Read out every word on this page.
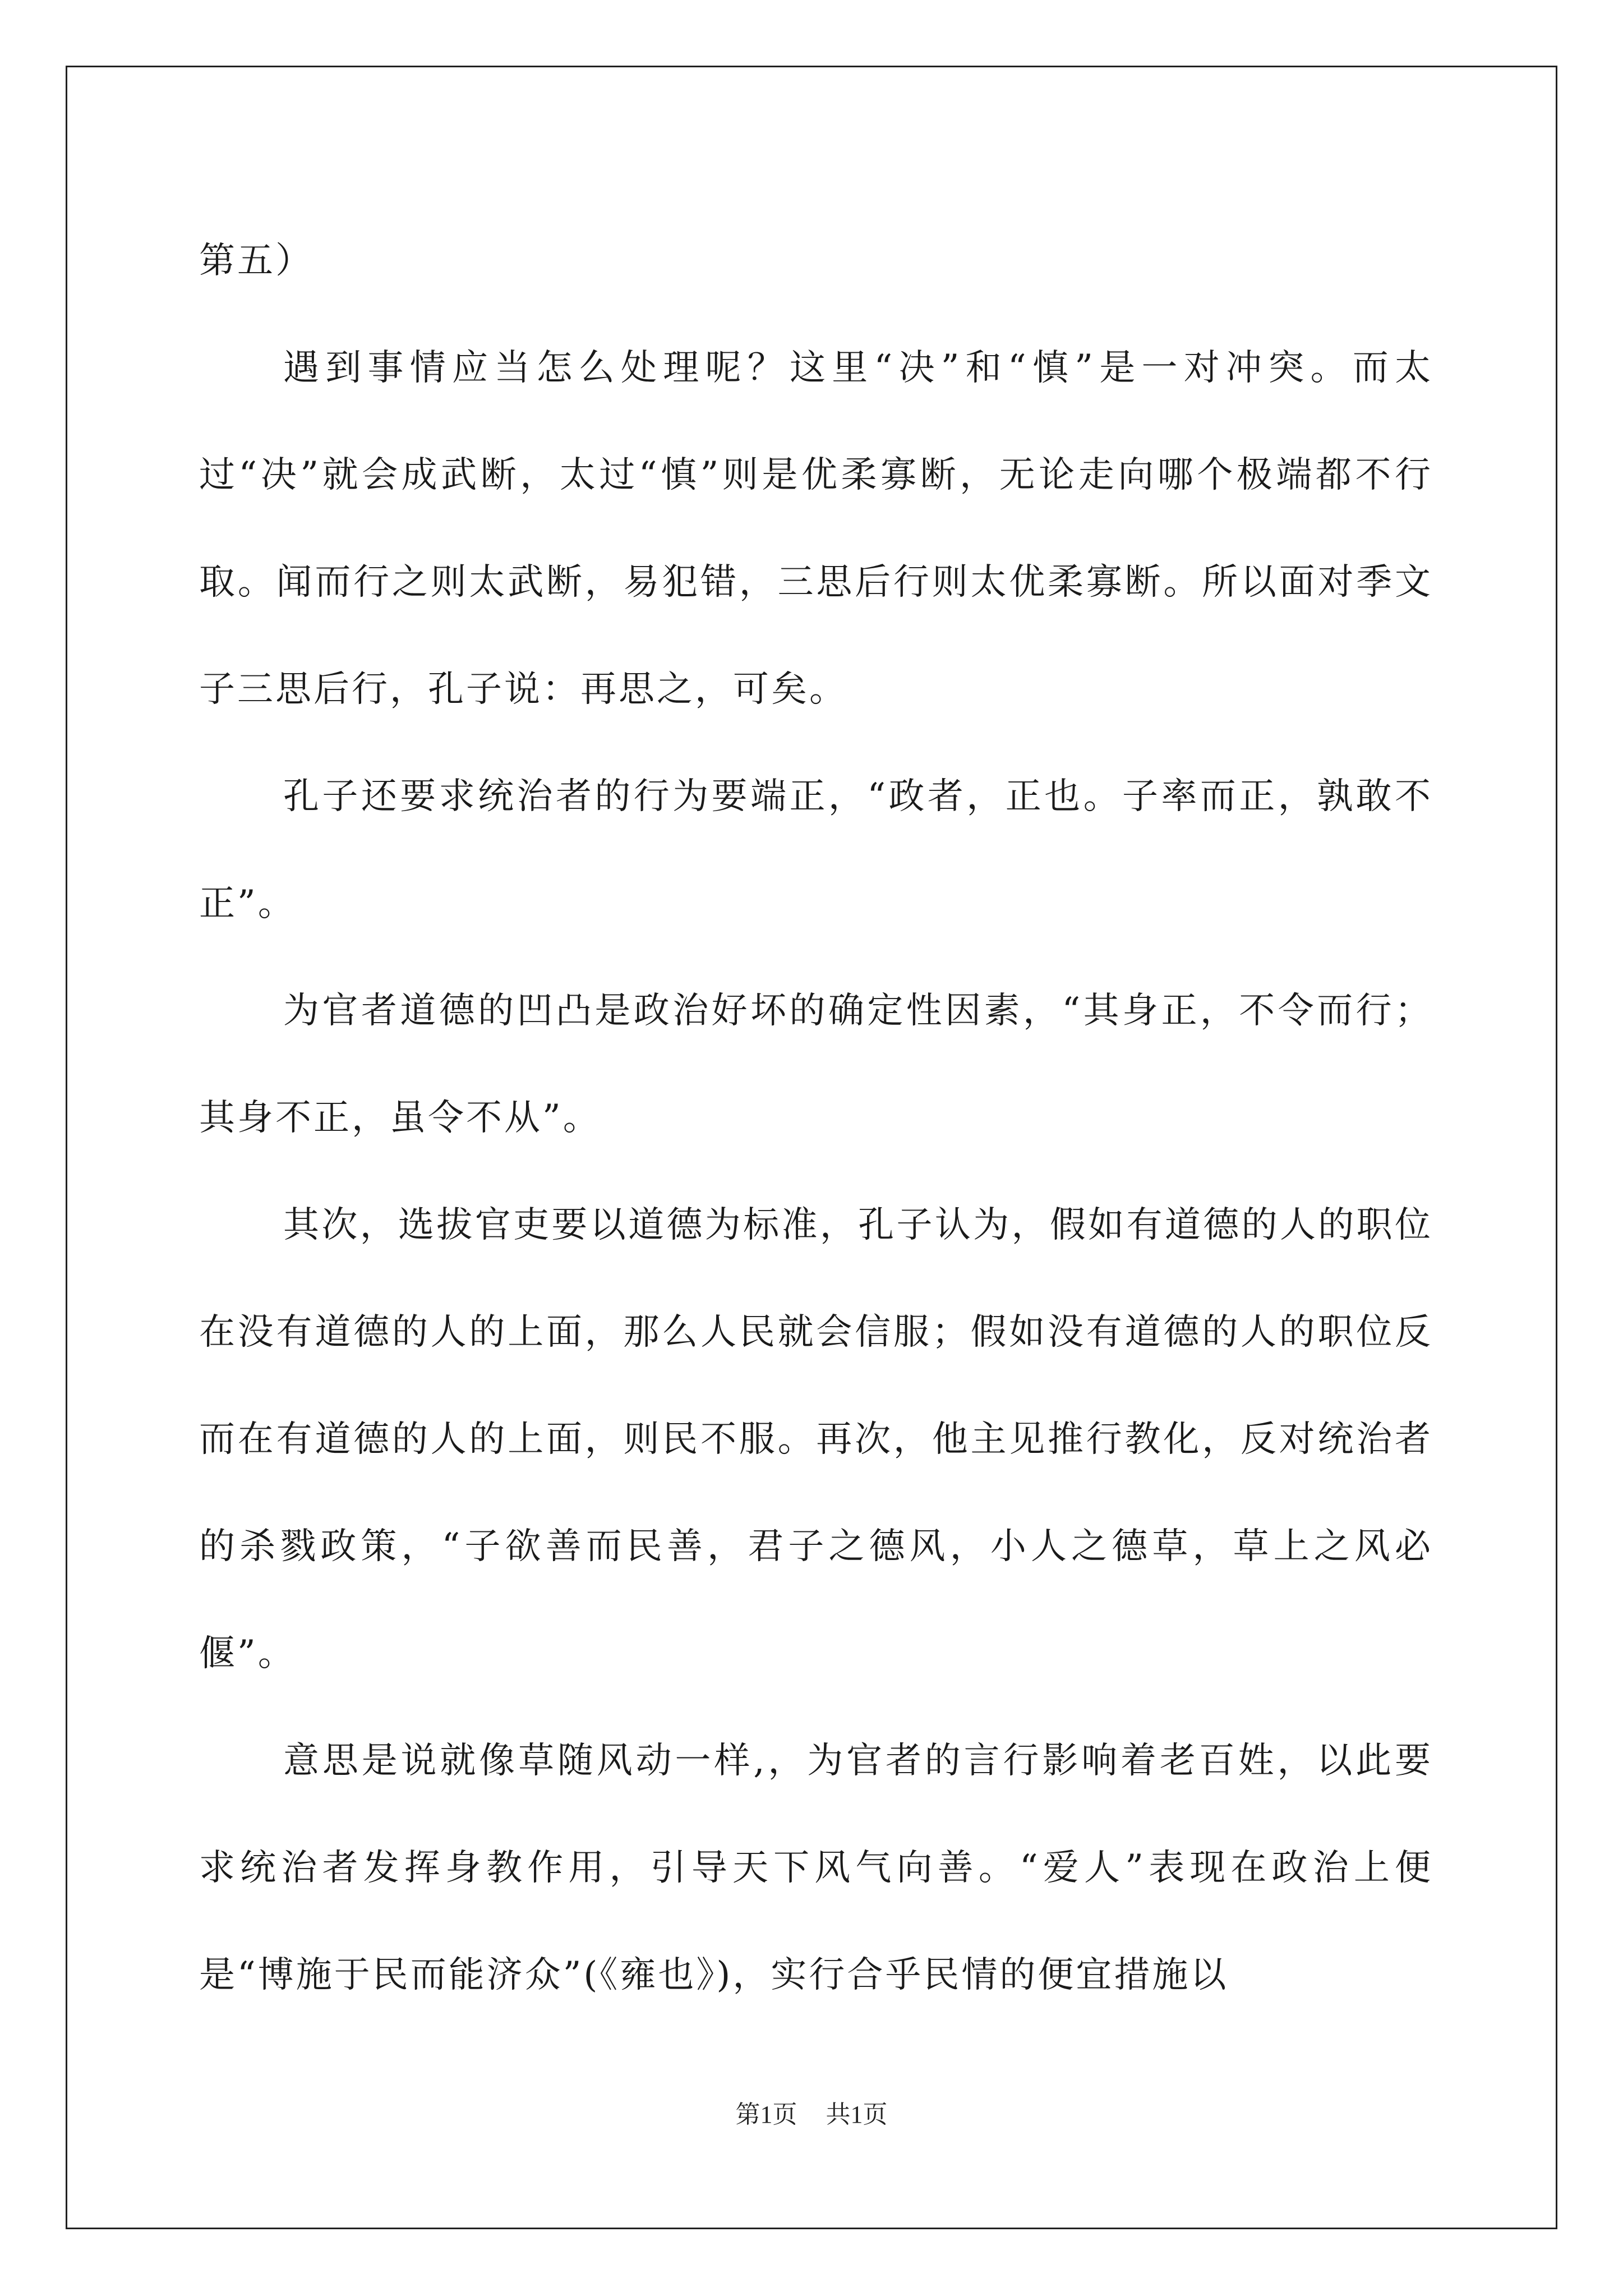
第五）

遇到事情应当怎么处理呢？这里“决”和“慎”是一对冲突。而太过“决”就会成武断，太过“慎”则是优柔寡断，无论走向哪个极端都不行取。闻而行之则太武断，易犯错，三思后行则太优柔寡断。所以面对季文子三思后行，孔子说：再思之，可矣。

孔子还要求统治者的行为要端正，“政者，正也。子率而正，孰敢不正”。

为官者道德的凹凸是政治好坏的确定性因素，“其身正，不令而行；其身不正，虽令不从”。

其次，选拔官吏要以道德为标准，孔子认为，假如有道德的人的职位在没有道德的人的上面，那么人民就会信服；假如没有道德的人的职位反而在有道德的人的上面，则民不服。再次，他主见推行教化，反对统治者的杀戮政策，“子欲善而民善，君子之德风，小人之德草，草上之风必偃”。

意思是说就像草随风动一样,，为官者的言行影响着老百姓，以此要求统治者发挥身教作用，引导天下风气向善。“爱人”表现在政治上便是“博施于民而能济众”(《雍也》)，实行合乎民情的便宜措施以

第1页 共1页
